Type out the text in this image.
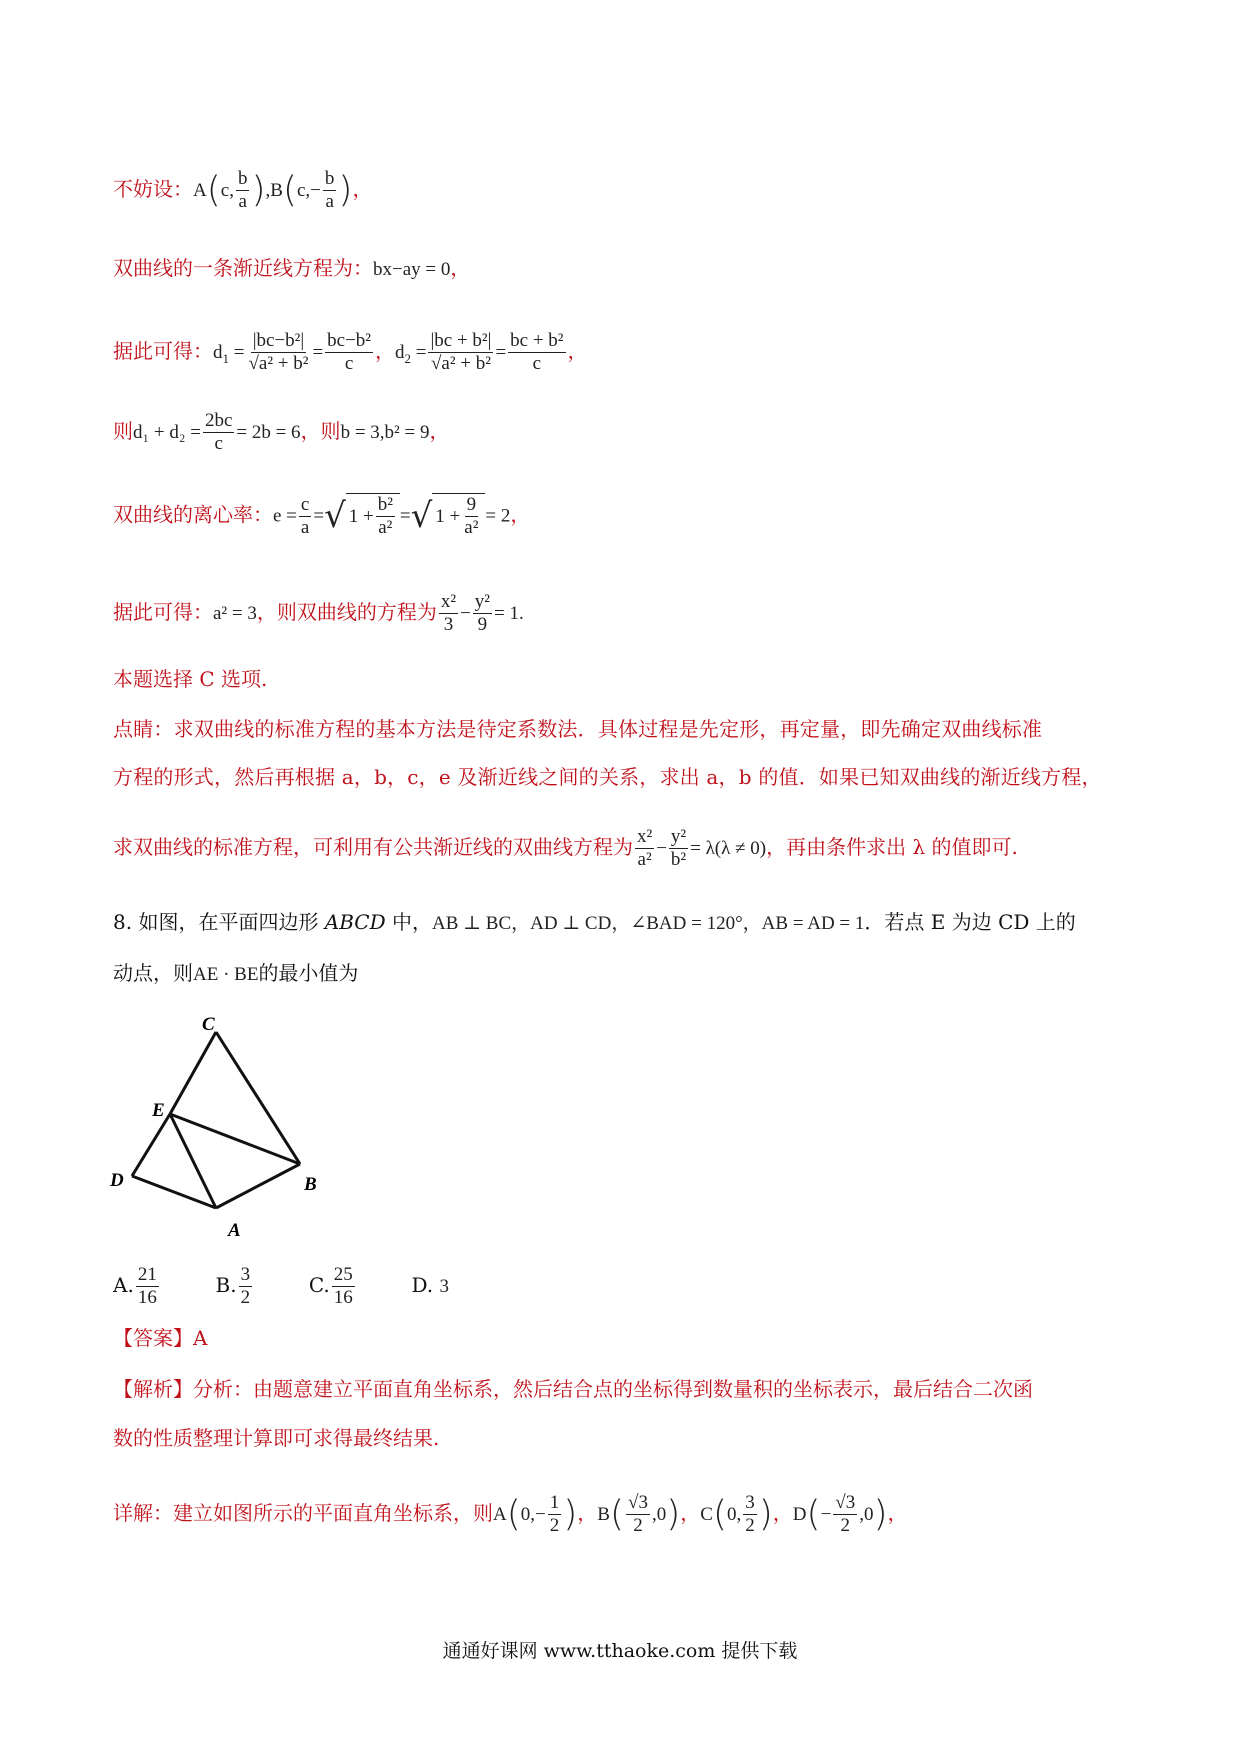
不妨设：A(c, $\frac{b}{a} ),B(c,- \frac{b}{a}$ )，
双曲线的一条渐近线方程为：bx−ay = 0，
据此可得：$d_1 = \frac{\text{|bc−b²|}}{\text{√a² + b²}} = \frac{\text{bc−b²}}{c}$ ，$d_2 = \frac{\text{|bc + b²|}}{\text{√a² + b²}} = \frac{\text{bc + b²}}{c}$ ，
则$d_1 + d_2 = \frac{2bc}{c} = 2b = 6$，则b = 3,b² = 9，
双曲线的离心率：$e = \frac{c}{a}$ =√ $1 + \frac{\text{b²}}{\text{a²}}$ =√ $1 + \frac{9}{\text{a²}} = 2$，
据此可得：a² = 3，则双曲线的方程为 $\frac{\text{x²}}{3} - \frac{\text{y²}}{9} = 1$.
本题选择 C 选项.
点睛：求双曲线的标准方程的基本方法是待定系数法．具体过程是先定形，再定量，即先确定双曲线标准
方程的形式，然后再根据 a，b，c，e 及渐近线之间的关系，求出 a，b 的值．如果已知双曲线的渐近线方程，
求双曲线的标准方程，可利用有公共渐近线的双曲线方程为 $\frac{\text{x²}}{\text{a²}} - \frac{\text{y²}}{\text{b²}} = \lambda(\lambda \ne 0)$，再由条件求出 λ 的值即可.
8. 如图，在平面四边形 ABCD 中，AB ⊥ BC，AD ⊥ CD，∠BAD = 120°，AB = AD = 1．若点 E 为边 CD 上的
动点，则AE · BE的最小值为
C
E
D	B
A
A. $\frac{21}{16}$	B. $\frac{3}{2}$	C. $\frac{25}{16}$	D. 3
【答案】A
【解析】分析：由题意建立平面直角坐标系，然后结合点的坐标得到数量积的坐标表示，最后结合二次函
数的性质整理计算即可求得最终结果.
详解：建立如图所示的平面直角坐标系，则$A(0,- \frac{1}{2}$ )，$B( \frac{√3}{2} ,0)$，C(0, $\frac{3}{2}$ )，$D(- \frac{√3}{2} ,0)$，
通通好课网 www.tthaoke.com 提供下载
